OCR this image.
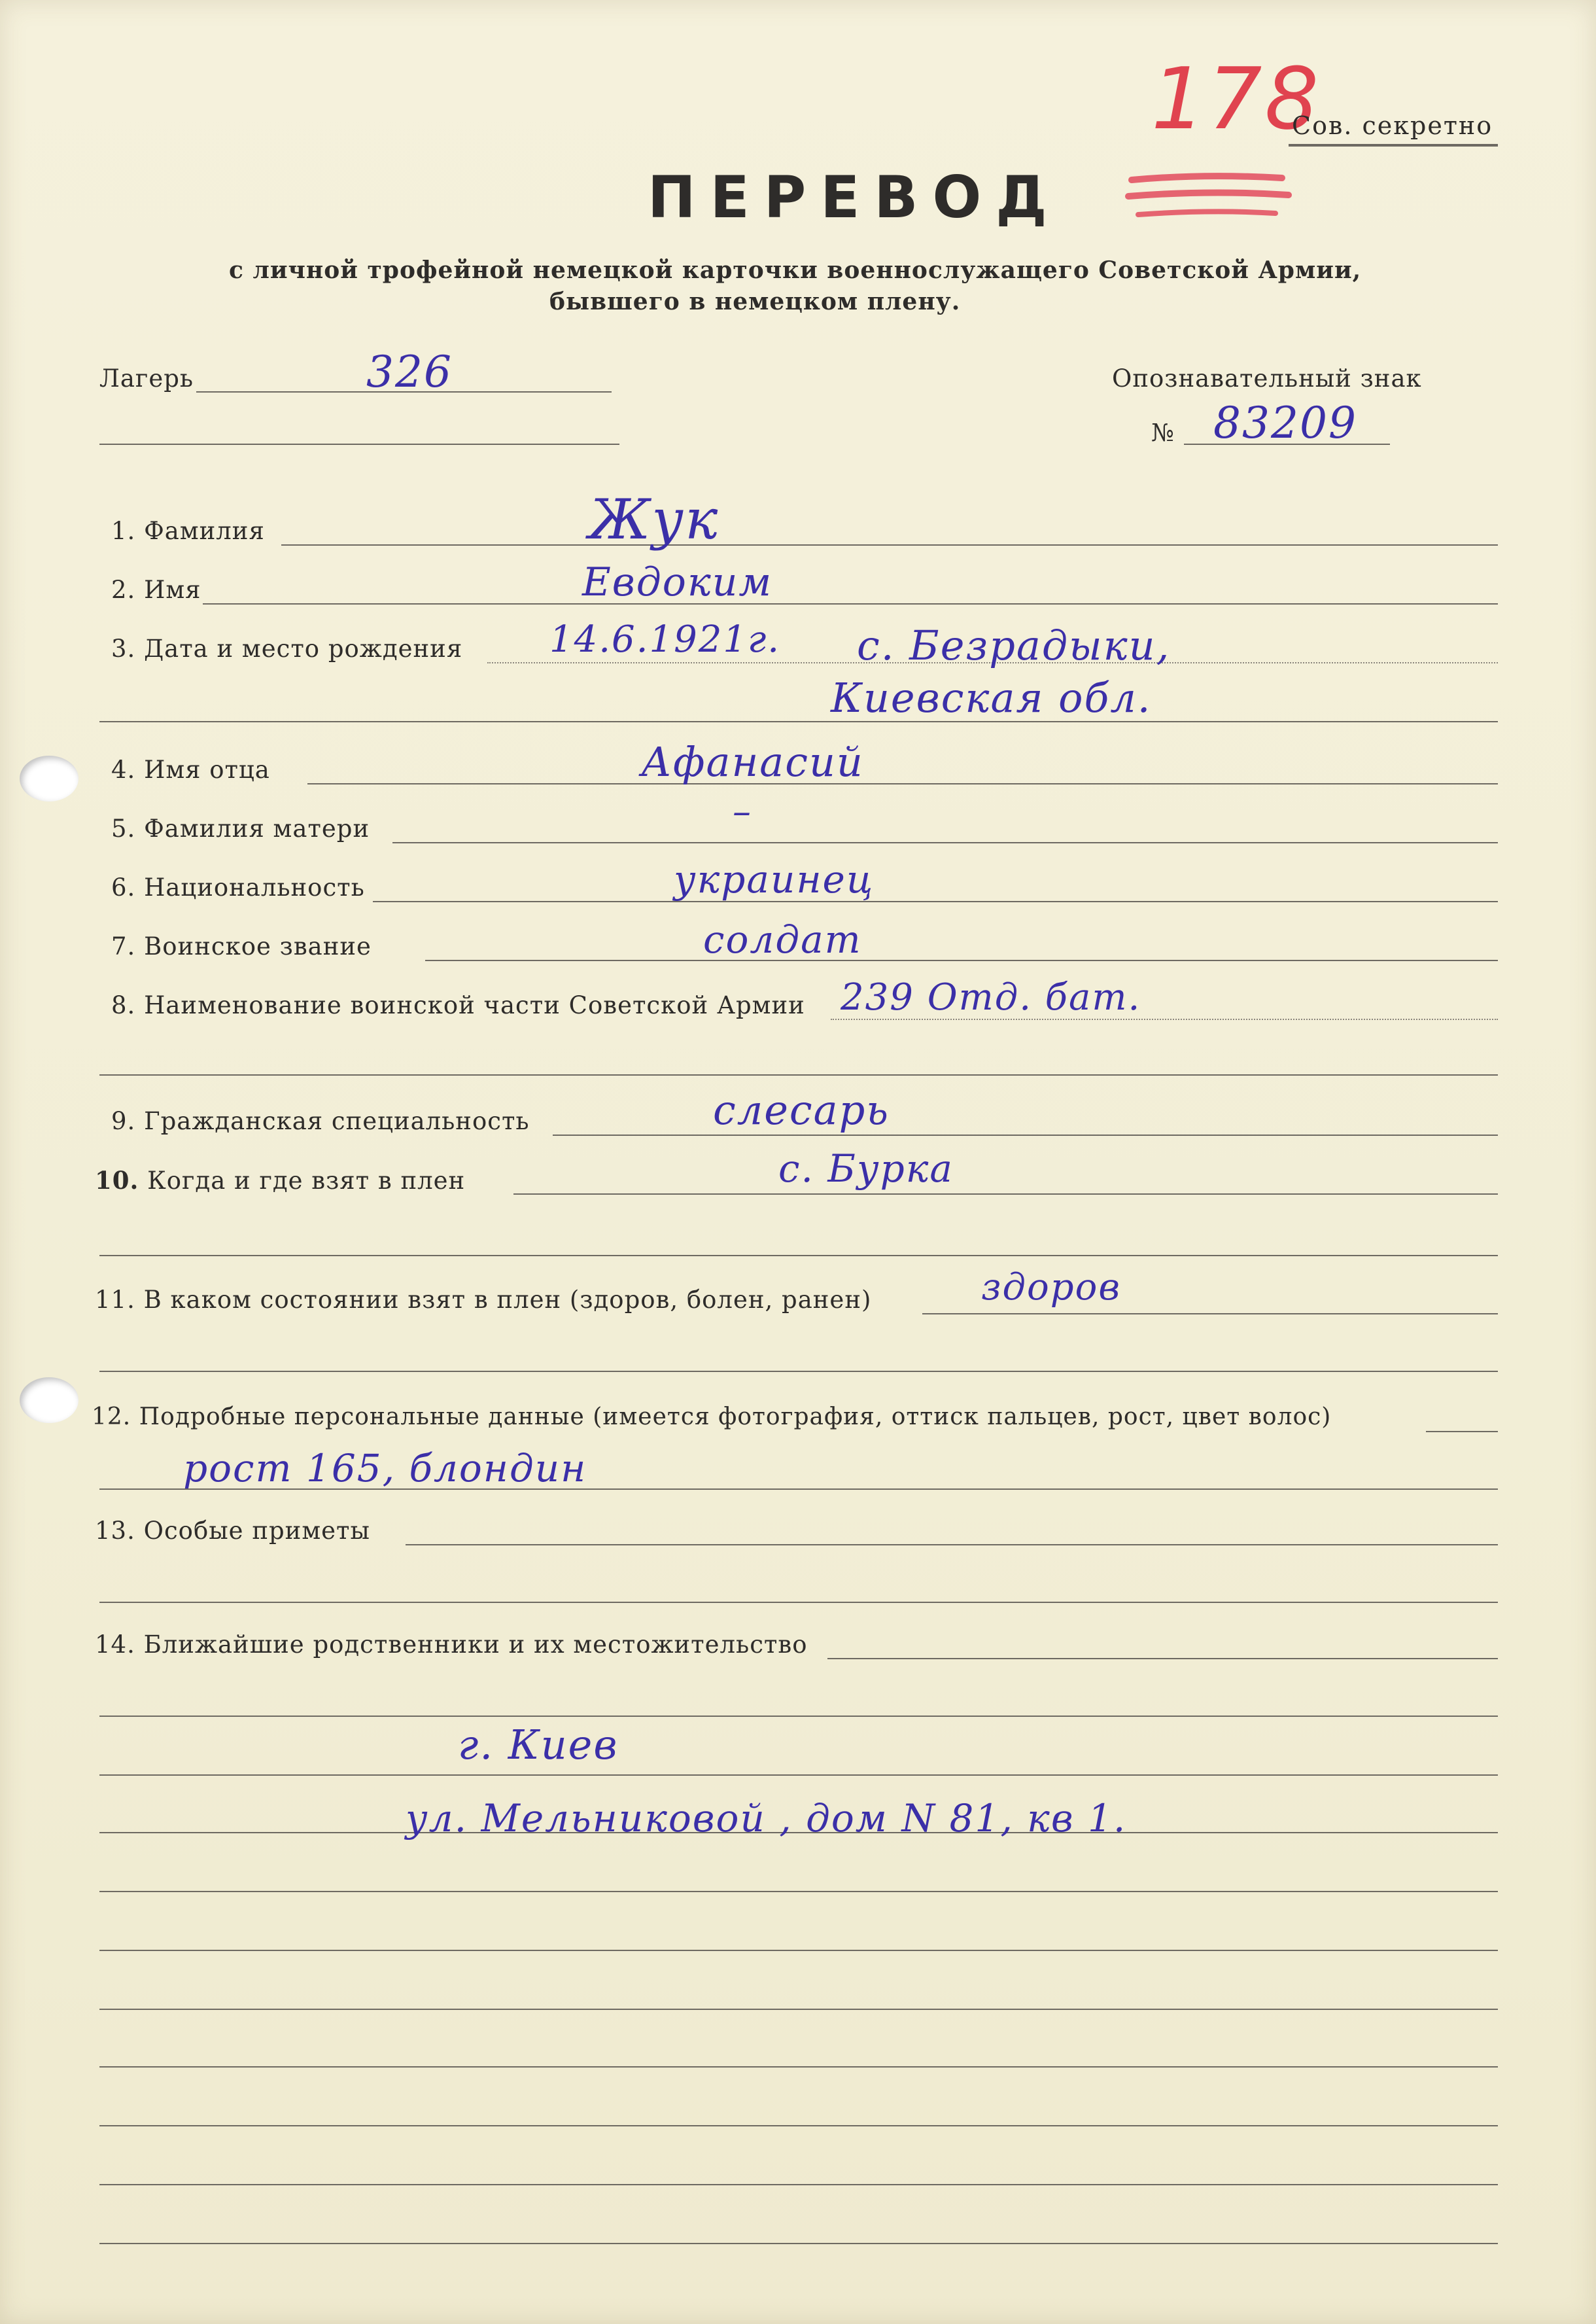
178
Сов. секретно
ПЕРЕВОД
с личной трофейной немецкой карточки военнослужащего Советской Армии,
бывшего в немецком плену.
Лагерь	326	Опознавательный знак
№ 83209
1. Фамилия	Жук
2. Имя	Евдоким
3. Дата и место рождения 14.6.1921г. с. Безрадыки,
Киевская обл.
4. Имя отца	Афанасий
5. Фамилия матери	–
6. Национальность	украинец
7. Воинское звание	солдат
8. Наименование воинской части Советской Армии 239 Отд. бат.
9. Гражданская специальность	слесарь
10. Когда и где взят в плен	с. Бурка
11. В каком состоянии взят в плен (здоров, болен, ранен)	здоров
12. Подробные персональные данные (имеется фотография, оттиск пальцев, рост, цвет волос)
рост 165, блондин
13. Особые приметы
14. Ближайшие родственники и их местожительство
г. Киев
ул. Мельниковой , дом N 81, кв 1.
